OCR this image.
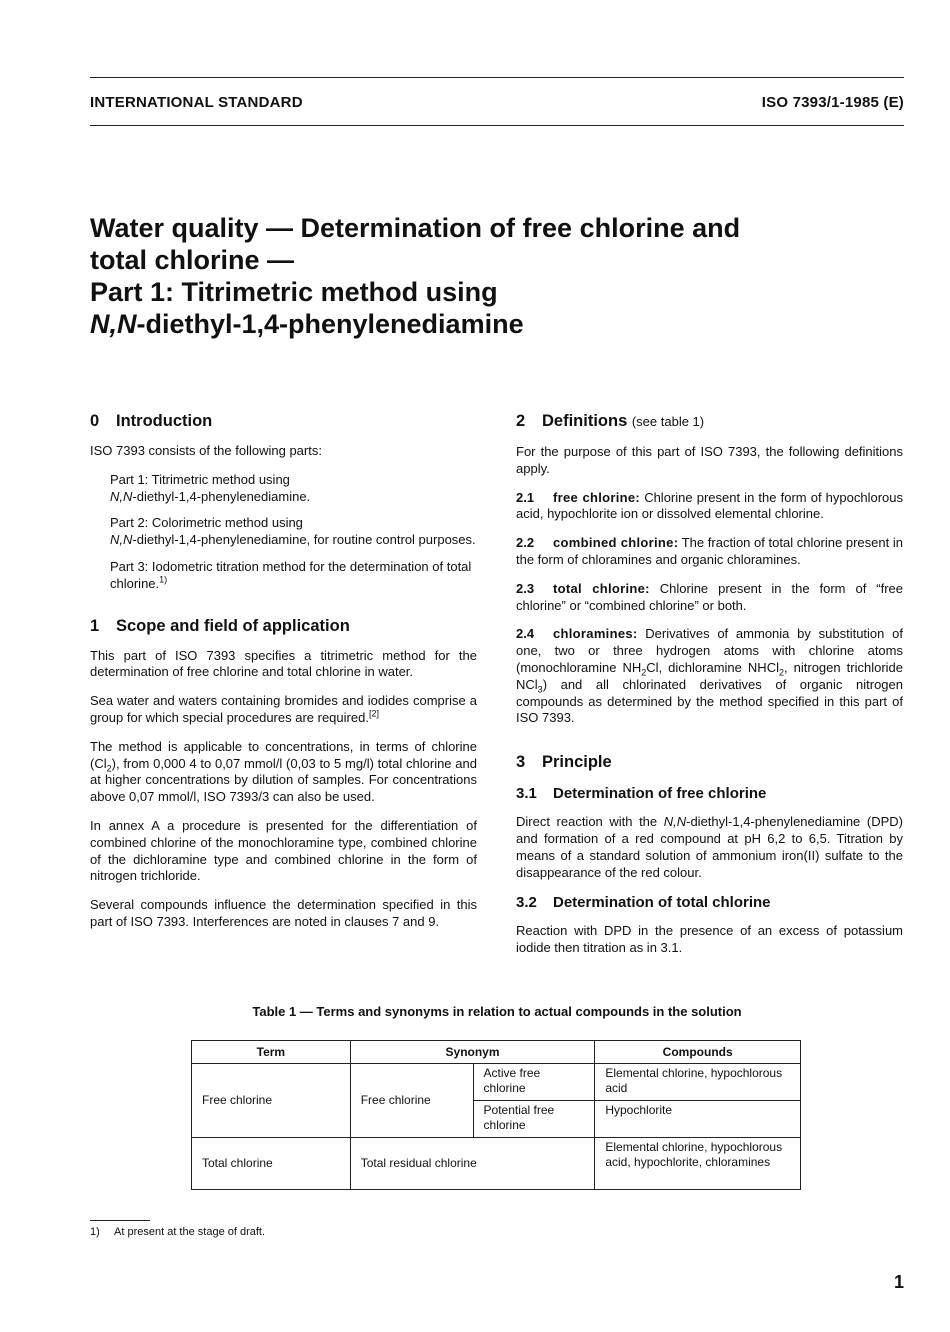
INTERNATIONAL STANDARD	ISO 7393/1-1985 (E)
Water quality — Determination of free chlorine and
total chlorine —
Part 1: Titrimetric method using
N,N-diethyl-1,4-phenylenediamine
0 Introduction

ISO 7393 consists of the following parts:

Part 1: Titrimetric method using
N,N-diethyl-1,4-phenylenediamine.

Part 2: Colorimetric method using
N,N-diethyl-1,4-phenylenediamine, for routine control purposes.

Part 3: Iodometric titration method for the determination of total chlorine.$^{1)}$

1 Scope and field of application

This part of ISO 7393 specifies a titrimetric method for the determination of free chlorine and total chlorine in water.

Sea water and waters containing bromides and iodides comprise a group for which special procedures are required.[2]

The method is applicable to concentrations, in terms of chlorine $(Cl_2)$, from 0,000 4 to 0,07 mmol/l (0,03 to 5 mg/l) total chlorine and at higher concentrations by dilution of samples. For concentrations above 0,07 mmol/l, ISO 7393/3 can also be used.

In annex A a procedure is presented for the differentiation of combined chlorine of the monochloramine type, combined chlorine of the dichloramine type and combined chlorine in the form of nitrogen trichloride.

Several compounds influence the determination specified in this part of ISO 7393. Interferences are noted in clauses 7 and 9.

2 Definitions (see table 1)

For the purpose of this part of ISO 7393, the following definitions apply.

2.1 free chlorine: Chlorine present in the form of hypochlorous acid, hypochlorite ion or dissolved elemental chlorine.

2.2 combined chlorine: The fraction of total chlorine present in the form of chloramines and organic chloramines.

2.3 total chlorine: Chlorine present in the form of “free chlorine” or “combined chlorine” or both.

2.4 chloramines: Derivatives of ammonia by substitution of one, two or three hydrogen atoms with chlorine atoms (monochloramine $NH_2Cl$, dichloramine NHCl$_2$, nitrogen trichloride NCl$_3$) and all chlorinated derivatives of organic nitrogen compounds as determined by the method specified in this part of ISO 7393.

3 Principle
3.1 Determination of free chlorine

Direct reaction with the N,N-diethyl-1,4-phenylenediamine (DPD) and formation of a red compound at pH 6,2 to 6,5. Titration by means of a standard solution of ammonium iron(II) sulfate to the disappearance of the red colour.

3.2 Determination of total chlorine

Reaction with DPD in the presence of an excess of potassium iodide then titration as in 3.1.

Table 1 — Terms and synonyms in relation to actual compounds in the solution
Term	Synonym		Compounds
Free chlorine	Free chlorine	Active free chlorine	Elemental chlorine, hypochlorous acid
		Potential free chlorine	Hypochlorite
Total chlorine	Total residual chlorine		Elemental chlorine, hypochlorous acid, hypochlorite, chloramines
1) At present at the stage of draft.
1
